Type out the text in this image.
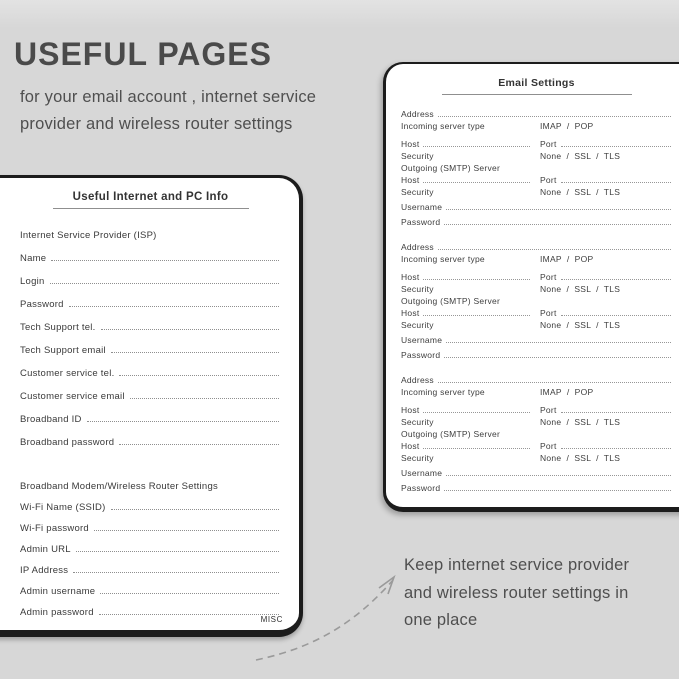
USEFUL PAGES
for your email account , internet service
provider and wireless router settings
Useful Internet and PC Info
Internet Service Provider (ISP)
Name
Login
Password
Tech Support tel.
Tech Support email
Customer service tel.
Customer service email
Broadband ID
Broadband password
Broadband Modem/Wireless Router Settings
Wi-Fi Name (SSID)
Wi-Fi password
Admin URL
IP Address
Admin username
Admin password
MISC
Email Settings
Address
Incoming server type	IMAP  /  POP
Host	Port
Security	None  /  SSL  /  TLS
Outgoing (SMTP) Server
Host	Port
Security	None  /  SSL  /  TLS
Username
Password
Address
Incoming server type	IMAP  /  POP
Host	Port
Security	None  /  SSL  /  TLS
Outgoing (SMTP) Server
Host	Port
Security	None  /  SSL  /  TLS
Username
Password
Address
Incoming server type	IMAP  /  POP
Host	Port
Security	None  /  SSL  /  TLS
Outgoing (SMTP) Server
Host	Port
Security	None  /  SSL  /  TLS
Username
Password
Keep internet service provider
and wireless router settings in
one place
